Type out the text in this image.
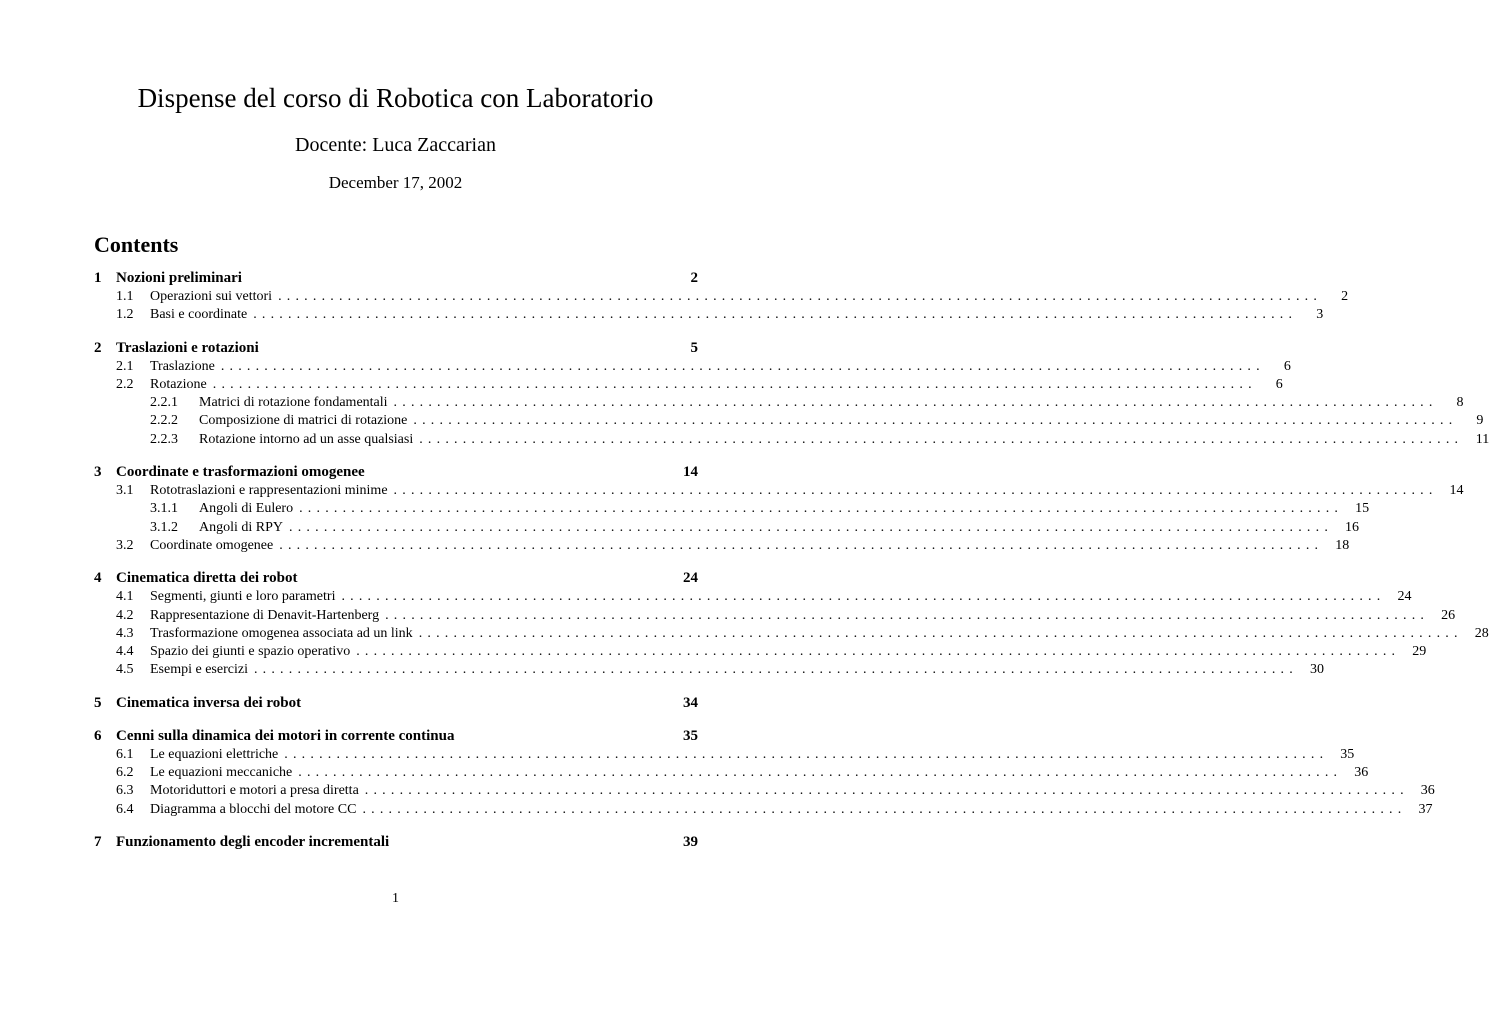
Dispense del corso di Robotica con Laboratorio
Docente: Luca Zaccarian
December 17, 2002
Contents
1 Nozioni preliminari	2
1.1	Operazioni sui vettori ........................................................................................................................	2
1.2	Basi e coordinate ........................................................................................................................	3
2 Traslazioni e rotazioni	5
2.1	Traslazione ........................................................................................................................	6
2.2	Rotazione ........................................................................................................................	6
2.2.1	Matrici di rotazione fondamentali ........................................................................................................................	8
2.2.2	Composizione di matrici di rotazione ........................................................................................................................	9
2.2.3	Rotazione intorno ad un asse qualsiasi ........................................................................................................................ 11
3 Coordinate e trasformazioni omogenee	14
3.1	Rototraslazioni e rappresentazioni minime ........................................................................................................................ 14
3.1.1	Angoli di Eulero ........................................................................................................................ 15
3.1.2	Angoli di RPY ........................................................................................................................ 16
3.2	Coordinate omogenee ........................................................................................................................ 18
4 Cinematica diretta dei robot	24
4.1	Segmenti, giunti e loro parametri ........................................................................................................................ 24
4.2	Rappresentazione di Denavit-Hartenberg ........................................................................................................................ 26
4.3	Trasformazione omogenea associata ad un link ........................................................................................................................ 28
4.4	Spazio dei giunti e spazio operativo ........................................................................................................................ 29
4.5	Esempi e esercizi ........................................................................................................................ 30
5 Cinematica inversa dei robot	34
6 Cenni sulla dinamica dei motori in corrente continua	35
6.1	Le equazioni elettriche ........................................................................................................................ 35
6.2	Le equazioni meccaniche ........................................................................................................................ 36
6.3	Motoriduttori e motori a presa diretta ........................................................................................................................ 36
6.4	Diagramma a blocchi del motore CC ........................................................................................................................ 37
7 Funzionamento degli encoder incrementali	39
1
